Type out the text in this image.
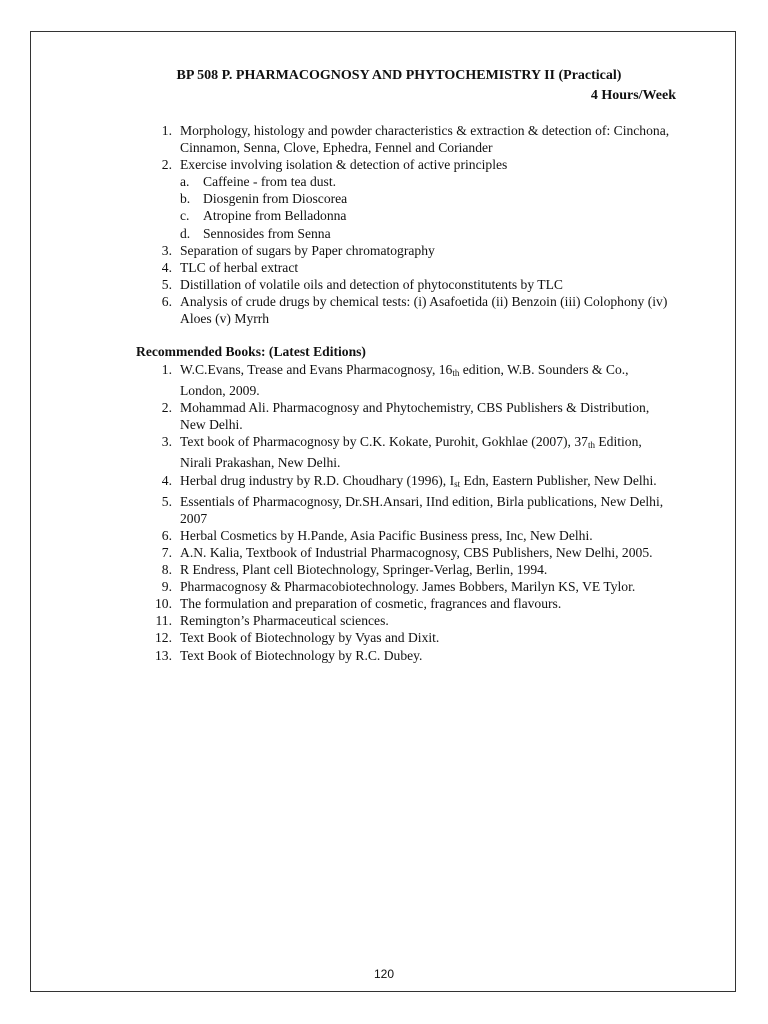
BP 508 P. PHARMACOGNOSY AND PHYTOCHEMISTRY II (Practical)
4 Hours/Week
1. Morphology, histology and powder characteristics & extraction & detection of: Cinchona, Cinnamon, Senna, Clove, Ephedra, Fennel and Coriander
2. Exercise involving isolation & detection of active principles
a. Caffeine - from tea dust.
b. Diosgenin from Dioscorea
c. Atropine from Belladonna
d. Sennosides from Senna
3. Separation of sugars by Paper chromatography
4. TLC of herbal extract
5. Distillation of volatile oils and detection of phytoconstitutents by TLC
6. Analysis of crude drugs by chemical tests: (i) Asafoetida (ii) Benzoin (iii) Colophony (iv) Aloes (v) Myrrh
Recommended Books: (Latest Editions)
1. W.C.Evans, Trease and Evans Pharmacognosy, $16_{th}$ edition, W.B. Sounders & Co., London, 2009.
2. Mohammad Ali. Pharmacognosy and Phytochemistry, CBS Publishers & Distribution, New Delhi.
3. Text book of Pharmacognosy by C.K. Kokate, Purohit, Gokhlae (2007), $37_{th}$ Edition, Nirali Prakashan, New Delhi.
4. Herbal drug industry by R.D. Choudhary (1996), $I_{st}$ Edn, Eastern Publisher, New Delhi.
5. Essentials of Pharmacognosy, Dr.SH.Ansari, IInd edition, Birla publications, New Delhi, 2007
6. Herbal Cosmetics by H.Pande, Asia Pacific Business press, Inc, New Delhi.
7. A.N. Kalia, Textbook of Industrial Pharmacognosy, CBS Publishers, New Delhi, 2005.
8. R Endress, Plant cell Biotechnology, Springer-Verlag, Berlin, 1994.
9. Pharmacognosy & Pharmacobiotechnology. James Bobbers, Marilyn KS, VE Tylor.
10. The formulation and preparation of cosmetic, fragrances and flavours.
11. Remington’s Pharmaceutical sciences.
12. Text Book of Biotechnology by Vyas and Dixit.
13. Text Book of Biotechnology by R.C. Dubey.
120
